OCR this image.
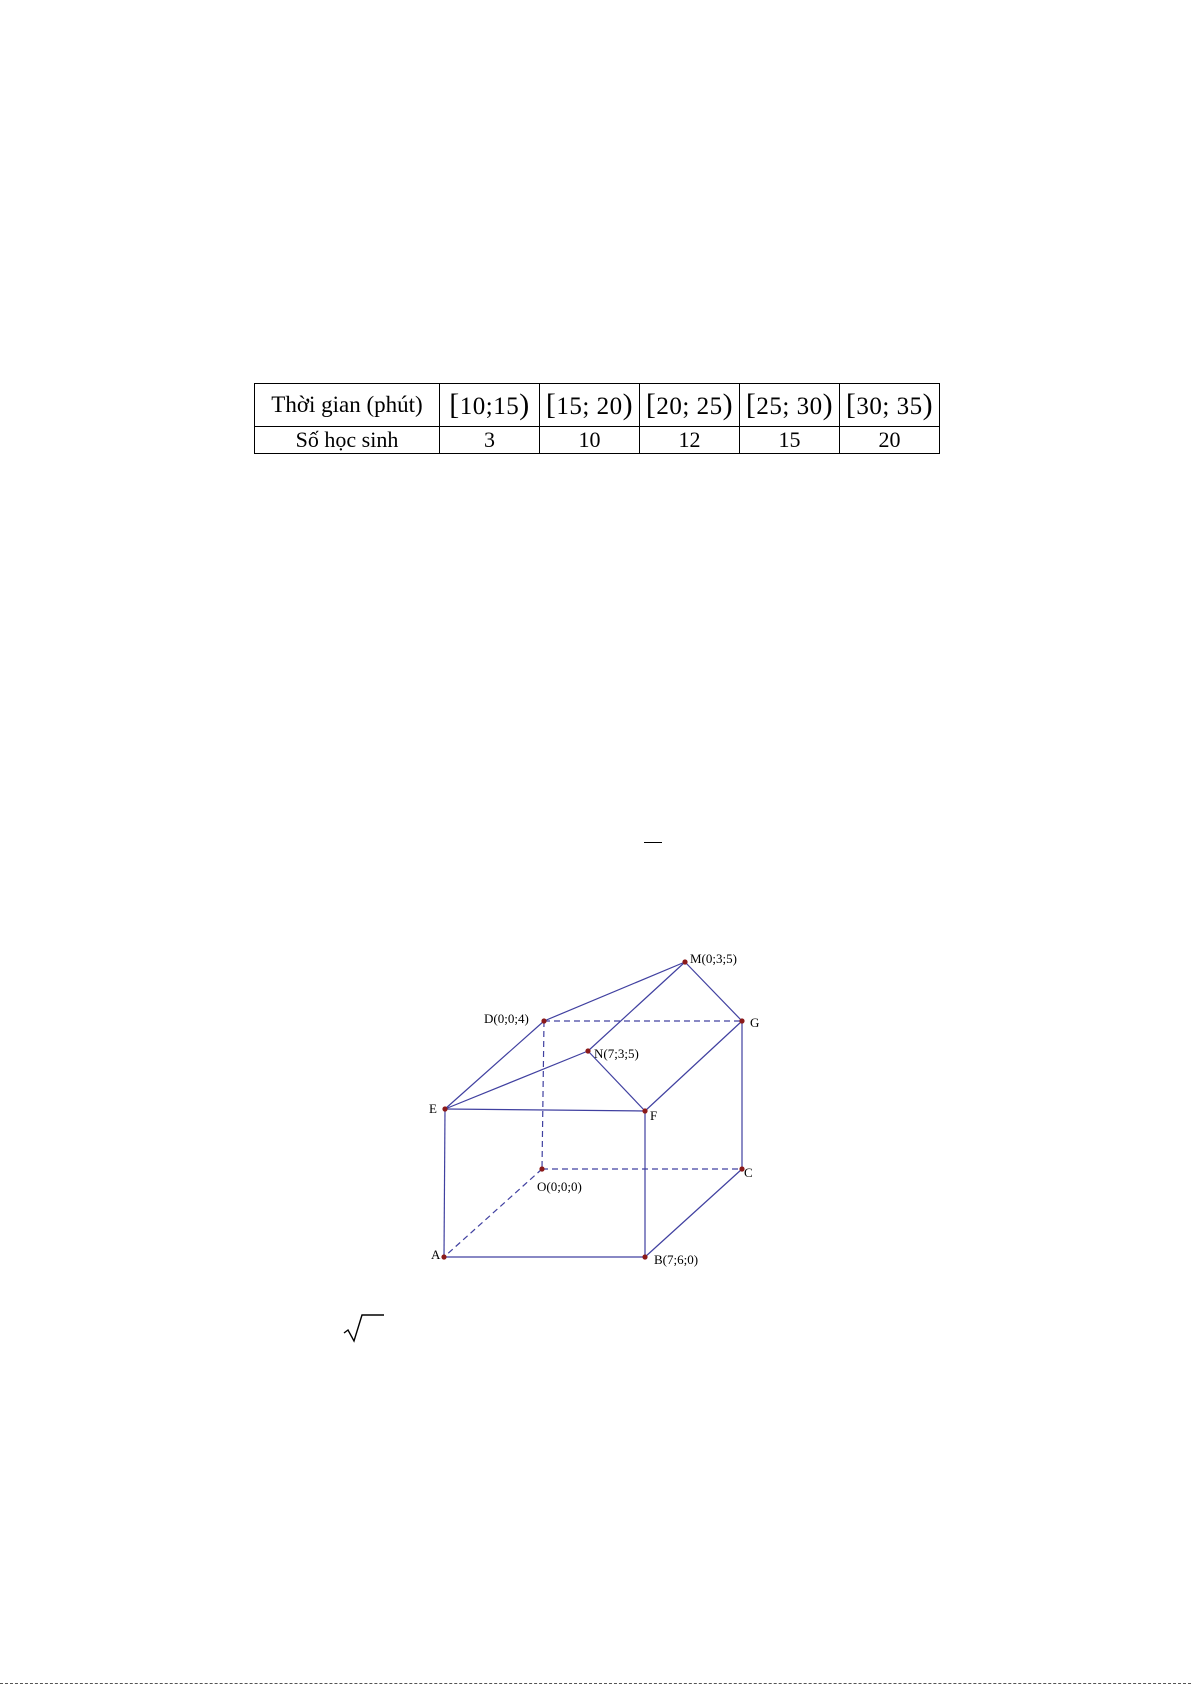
Thời gian (phút)	[10;15)	[15; 20)	[20; 25)	[25; 30)	[30; 35)
Số học sinh	3	10	12	15	20
M(0;3;5)
D(0;0;4)
N(7;3;5)
G
E	F
O(0;0;0)
C
A	B(7;6;0)
